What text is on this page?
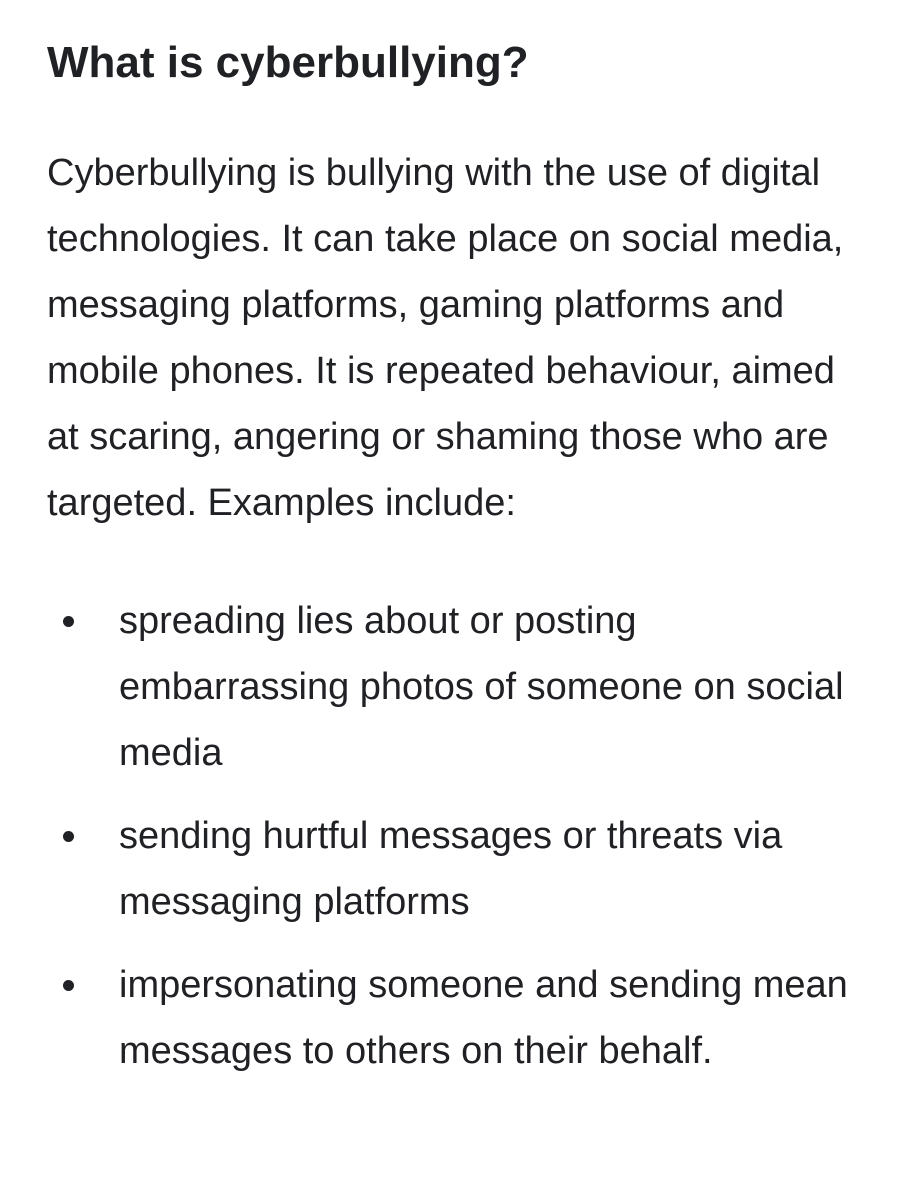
What is cyberbullying?

Cyberbullying is bullying with the use of digital technologies. It can take place on social media, messaging platforms, gaming platforms and mobile phones. It is repeated behaviour, aimed at scaring, angering or shaming those who are targeted. Examples include:

spreading lies about or posting embarrassing photos of someone on social media
sending hurtful messages or threats via messaging platforms
impersonating someone and sending mean messages to others on their behalf.
